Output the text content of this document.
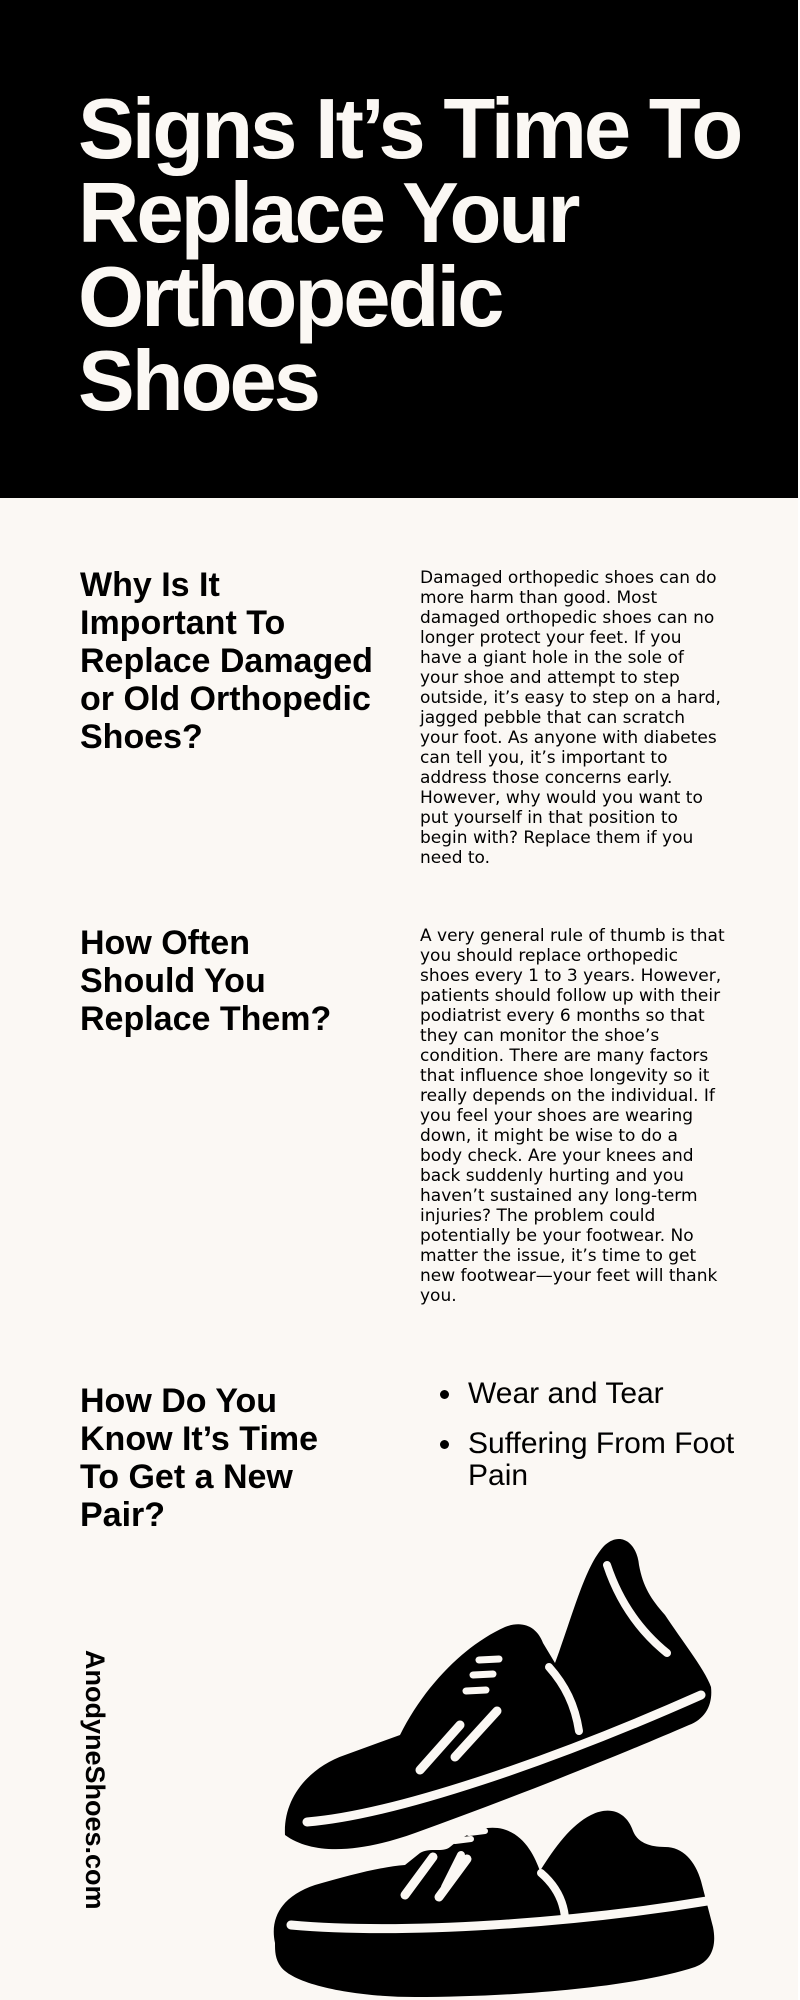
Signs It’s Time To Replace Your Orthopedic Shoes
Why Is It Important To Replace Damaged or Old Orthopedic Shoes?

Damaged orthopedic shoes can do more harm than good. Most damaged orthopedic shoes can no longer protect your feet. If you have a giant hole in the sole of your shoe and attempt to step outside, it’s easy to step on a hard, jagged pebble that can scratch your foot. As anyone with diabetes can tell you, it’s important to address those concerns early. However, why would you want to put yourself in that position to begin with? Replace them if you need to.

How Often Should You Replace Them?

A very general rule of thumb is that you should replace orthopedic shoes every 1 to 3 years. However, patients should follow up with their podiatrist every 6 months so that they can monitor the shoe’s condition. There are many factors that influence shoe longevity so it really depends on the individual. If you feel your shoes are wearing down, it might be wise to do a body check. Are your knees and back suddenly hurting and you haven’t sustained any long-term injuries? The problem could potentially be your footwear. No matter the issue, it’s time to get new footwear—your feet will thank you.

How Do You Know It’s Time To Get a New Pair?
Wear and Tear
Suffering From Foot Pain
AnodyneShoes.com
